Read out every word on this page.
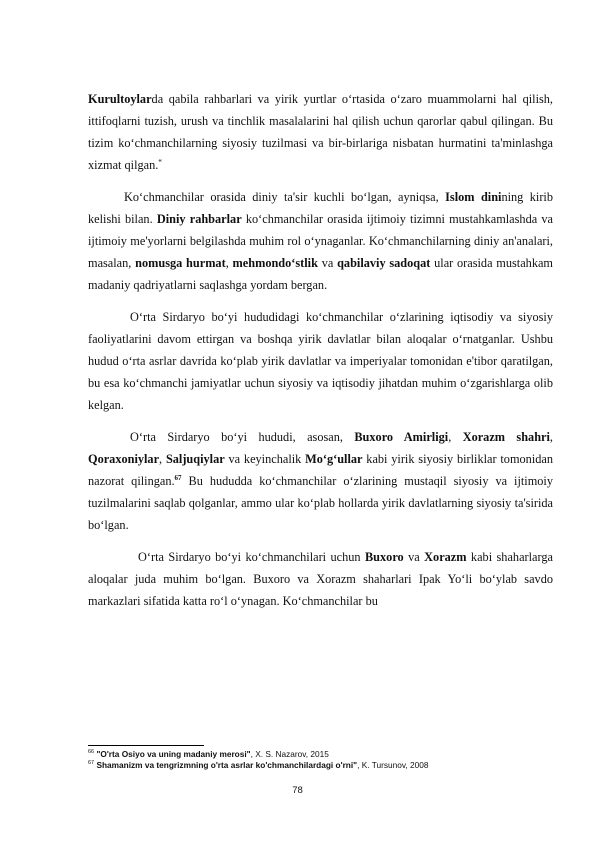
Kurultoylarda qabila rahbarlari va yirik yurtlar o‘rtasida o‘zaro muammolarni hal qilish, ittifoqlarni tuzish, urush va tinchlik masalalarini hal qilish uchun qarorlar qabul qilingan. Bu tizim ko‘chmanchilarning siyosiy tuzilmasi va bir-birlariga nisbatan hurmatini ta'minlashga xizmat qilgan.“

Ko‘chmanchilar orasida diniy ta'sir kuchli bo‘lgan, ayniqsa, Islom dinining kirib kelishi bilan. Diniy rahbarlar ko‘chmanchilar orasida ijtimoiy tizimni mustahkamlashda va ijtimoiy me'yorlarni belgilashda muhim rol o‘ynaganlar. Ko‘chmanchilarning diniy an'analari, masalan, nomusga hurmat, mehmondo‘stlik va qabilaviy sadoqat ular orasida mustahkam madaniy qadriyatlarni saqlashga yordam bergan.

O‘rta Sirdaryo bo‘yi hududidagi ko‘chmanchilar o‘zlarining iqtisodiy va siyosiy faoliyatlarini davom ettirgan va boshqa yirik davlatlar bilan aloqalar o‘rnatganlar. Ushbu hudud o‘rta asrlar davrida ko‘plab yirik davlatlar va imperiyalar tomonidan e'tibor qaratilgan, bu esa ko‘chmanchi jamiyatlar uchun siyosiy va iqtisodiy jihatdan muhim o‘zgarishlarga olib kelgan.

O‘rta Sirdaryo bo‘yi hududi, asosan, Buxoro Amirligi, Xorazm shahri, Qoraxoniylar, Saljuqiylar va keyinchalik Mo‘g‘ullar kabi yirik siyosiy birliklar tomonidan nazorat qilingan.$^{67}$ Bu hududda ko‘chmanchilar o‘zlarining mustaqil siyosiy va ijtimoiy tuzilmalarini saqlab qolganlar, ammo ular ko‘plab hollarda yirik davlatlarning siyosiy ta'sirida bo‘lgan.

O‘rta Sirdaryo bo‘yi ko‘chmanchilari uchun Buxoro va Xorazm kabi shaharlarga aloqalar juda muhim bo‘lgan. Buxoro va Xorazm shaharlari Ipak Yo‘li bo‘ylab savdo markazlari sifatida katta ro‘l o‘ynagan. Ko‘chmanchilar bu

$^{66}$ "O'rta Osiyo va uning madaniy merosi", X. S. Nazarov, 2015
$^{67}$ Shamanizm va tengrizmning o'rta asrlar ko'chmanchilardagi o'rni", K. Tursunov, 2008
78
